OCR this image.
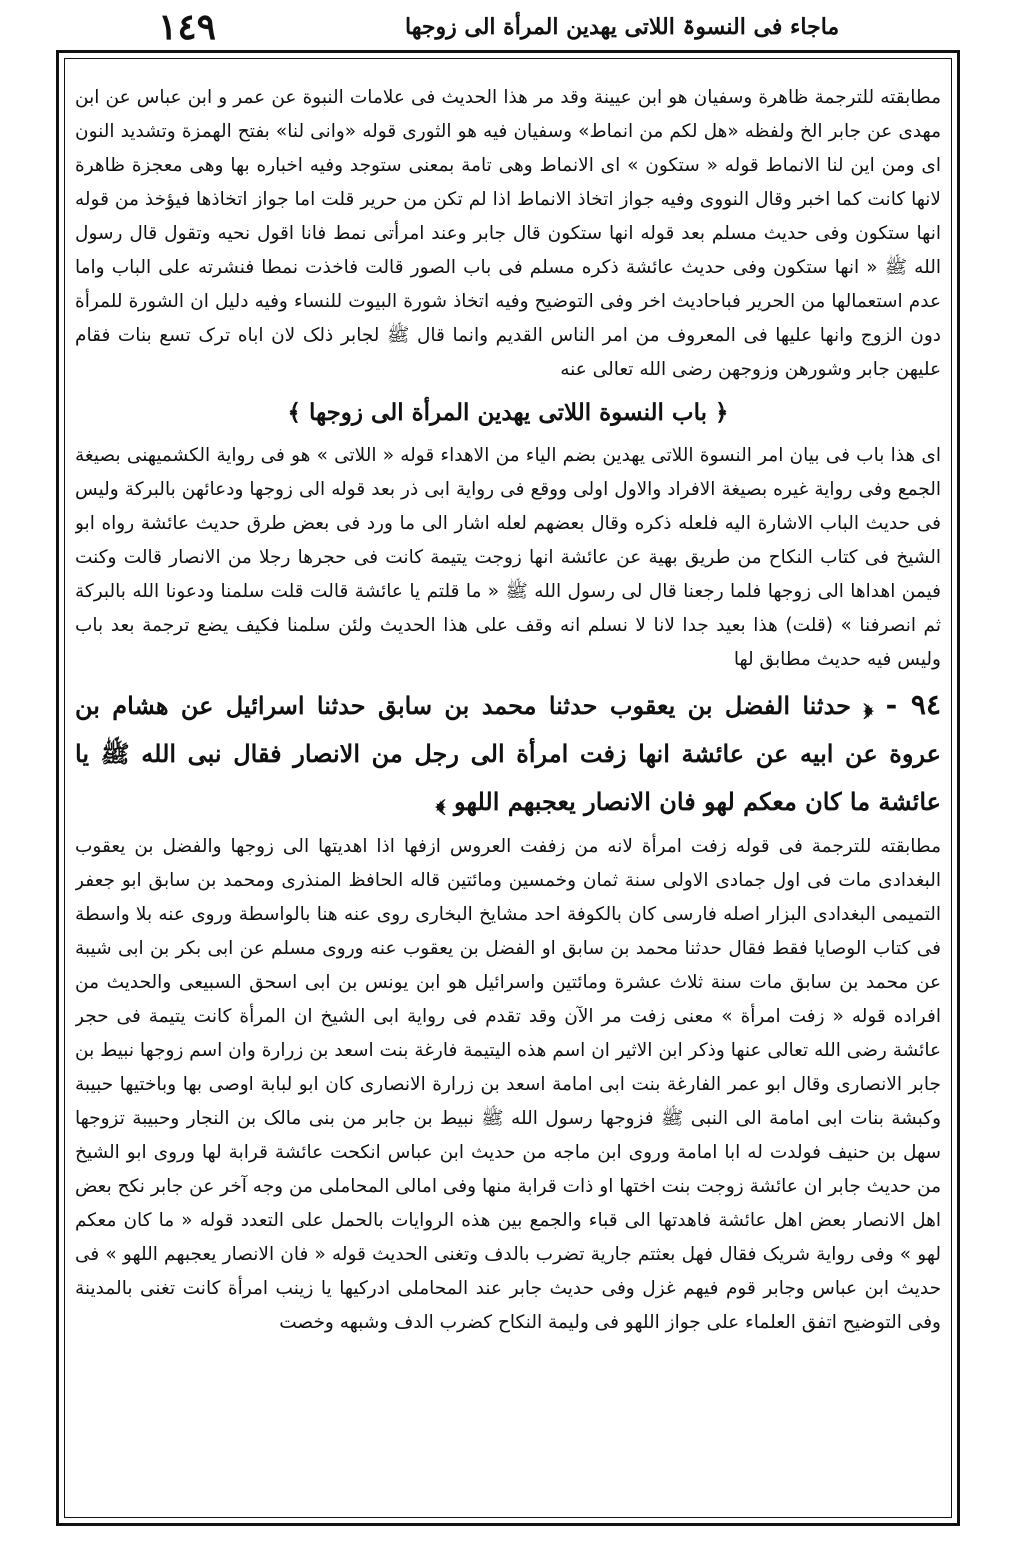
١٤٩	ماجاء فی النسوۃ اللاتی یهدین المرأة الی زوجها

مطابقته للترجمة ظاهرة وسفیان هو ابن عیینة وقد مر هذا الحدیث فی علامات النبوة عن عمر و ابن عباس عن ابن مهدی عن جابر الخ ولفظه «هل لکم من انماط» وسفیان فیه هو الثوری قوله «وانی لنا» بفتح الهمزة وتشدید النون ای ومن این لنا الانماط قوله « ستکون » ای الانماط وهی تامة بمعنی ستوجد وفیه اخباره بها وهی معجزة ظاهرة لانها کانت کما اخبر وقال النووی وفیه جواز اتخاذ الانماط اذا لم تکن من حریر قلت اما جواز اتخاذها فیؤخذ من قوله انها ستکون وفی حدیث مسلم بعد قوله انها ستکون قال جابر وعند امرأتی نمط فانا اقول نحیه وتقول قال رسول الله ﷺ « انها ستکون وفی حدیث عائشة ذکره مسلم فی باب الصور قالت فاخذت نمطا فنشرته علی الباب واما عدم استعمالها من الحریر فباحادیث اخر وفی التوضیح وفیه اتخاذ شورة البیوت للنساء وفیه دلیل ان الشورة للمرأة دون الزوج وانها علیها فی المعروف من امر الناس القدیم وانما قال ﷺ لجابر ذلک لان اباه ترک تسع بنات فقام علیهن جابر وشورهن وزوجهن رضی الله تعالی عنه

﴿ باب النسوة اللاتی یهدین المرأة الی زوجها ﴾

ای هذا باب فی بیان امر النسوة اللاتی یهدین بضم الیاء من الاهداء قوله « اللاتی » هو فی روایة الکشمیهنی بصیغة الجمع وفی روایة غیره بصیغة الافراد والاول اولی ووقع فی روایة ابی ذر بعد قوله الی زوجها ودعائهن بالبرکة ولیس فی حدیث الباب الاشارة الیه فلعله ذکره وقال بعضهم لعله اشار الی ما ورد فی بعض طرق حدیث عائشة رواه ابو الشیخ فی کتاب النکاح من طریق بهیة عن عائشة انها زوجت یتیمة کانت فی حجرها رجلا من الانصار قالت وکنت فیمن اهداها الی زوجها فلما رجعنا قال لی رسول الله ﷺ « ما قلتم یا عائشة قالت قلت سلمنا ودعونا الله بالبرکة ثم انصرفنا » (قلت) هذا بعید جدا لانا لا نسلم انه وقف علی هذا الحدیث ولئن سلمنا فکیف یضع ترجمة بعد باب ولیس فیه حدیث مطابق لها

٩٤ - ﴿ حدثنا الفضل بن یعقوب حدثنا محمد بن سابق حدثنا اسرائیل عن هشام بن عروة عن ابیه عن عائشة انها زفت امرأة الی رجل من الانصار فقال نبی الله ﷺ یا عائشة ما کان معکم لهو فان الانصار یعجبهم اللهو ﴾

مطابقته للترجمة فی قوله زفت امرأة لانه من زففت العروس ازفها اذا اهدیتها الی زوجها والفضل بن یعقوب البغدادی مات فی اول جمادی الاولی سنة ثمان وخمسین ومائتین قاله الحافظ المنذری ومحمد بن سابق ابو جعفر التمیمی البغدادی البزار اصله فارسی کان بالکوفة احد مشایخ البخاری روی عنه هنا بالواسطة وروی عنه بلا واسطة فی کتاب الوصایا فقط فقال حدثنا محمد بن سابق او الفضل بن یعقوب عنه وروی مسلم عن ابی بکر بن ابی شیبة عن محمد بن سابق مات سنة ثلاث عشرة ومائتین واسرائیل هو ابن یونس بن ابی اسحق السبیعی والحدیث من افراده قوله « زفت امرأة » معنی زفت مر الآن وقد تقدم فی روایة ابی الشیخ ان المرأة کانت یتیمة فی حجر عائشة رضی الله تعالی عنها وذکر ابن الاثیر ان اسم هذه الیتیمة فارغة بنت اسعد بن زرارة وان اسم زوجها نبیط بن جابر الانصاری وقال ابو عمر الفارغة بنت ابی امامة اسعد بن زرارة الانصاری کان ابو لبابة اوصی بها وباختیها حبیبة وکبشة بنات ابی امامة الی النبی ﷺ فزوجها رسول الله ﷺ نبیط بن جابر من بنی مالک بن النجار وحبیبة تزوجها سهل بن حنیف فولدت له ابا امامة وروی ابن ماجه من حدیث ابن عباس انکحت عائشة قرابة لها وروی ابو الشیخ من حدیث جابر ان عائشة زوجت بنت اختها او ذات قرابة منها وفی امالی المحاملی من وجه آخر عن جابر نکح بعض اهل الانصار بعض اهل عائشة فاهدتها الی قباء والجمع بین هذه الروایات بالحمل علی التعدد قوله « ما کان معکم لهو » وفی روایة شریک فقال فهل بعثتم جاریة تضرب بالدف وتغنی الحدیث قوله « فان الانصار یعجبهم اللهو » فی حدیث ابن عباس وجابر قوم فیهم غزل وفی حدیث جابر عند المحاملی ادرکیها یا زینب امرأة کانت تغنی بالمدینة وفی التوضیح اتفق العلماء علی جواز اللهو فی ولیمة النکاح کضرب الدف وشبهه وخصت
